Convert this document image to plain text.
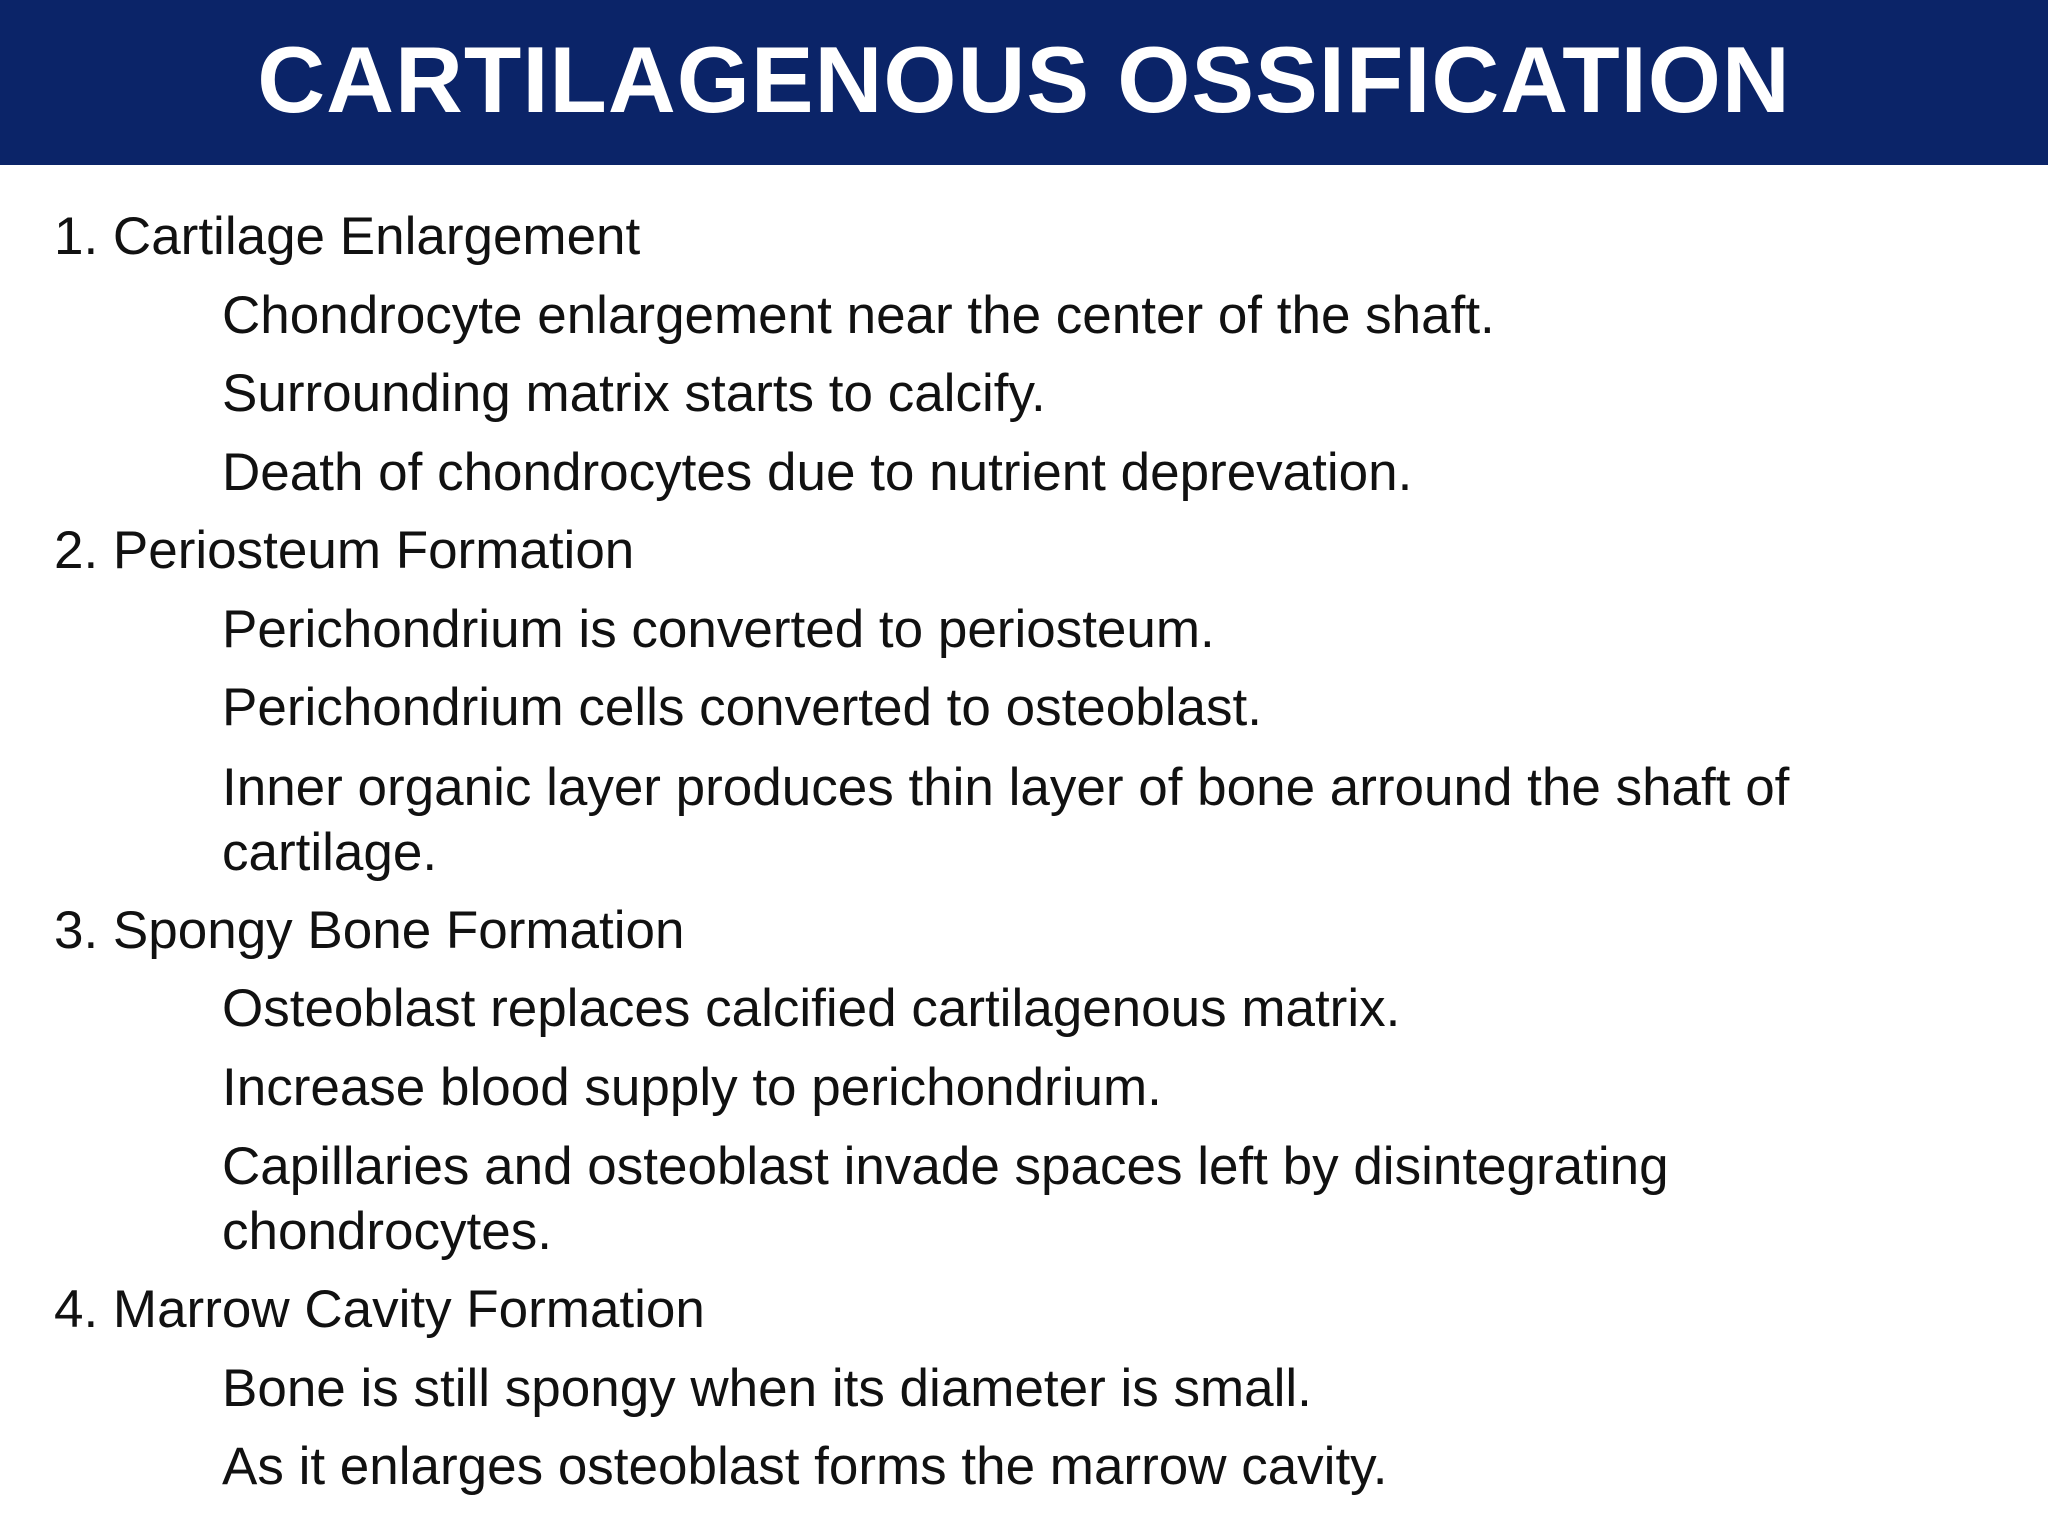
CARTILAGENOUS OSSIFICATION

1. Cartilage Enlargement

Chondrocyte enlargement near the center of the shaft.
Surrounding matrix starts to calcify.
Death of chondrocytes due to nutrient deprevation.

2. Periosteum Formation

Perichondrium is converted to periosteum.
Perichondrium cells converted to osteoblast.
Inner organic layer produces thin layer of bone arround the shaft of cartilage.

3. Spongy Bone Formation

Osteoblast replaces calcified cartilagenous matrix.
Increase blood supply to perichondrium.
Capillaries and osteoblast invade spaces left by disintegrating chondrocytes.

4. Marrow Cavity Formation

Bone is still spongy when its diameter is small.
As it enlarges osteoblast forms the marrow cavity.
